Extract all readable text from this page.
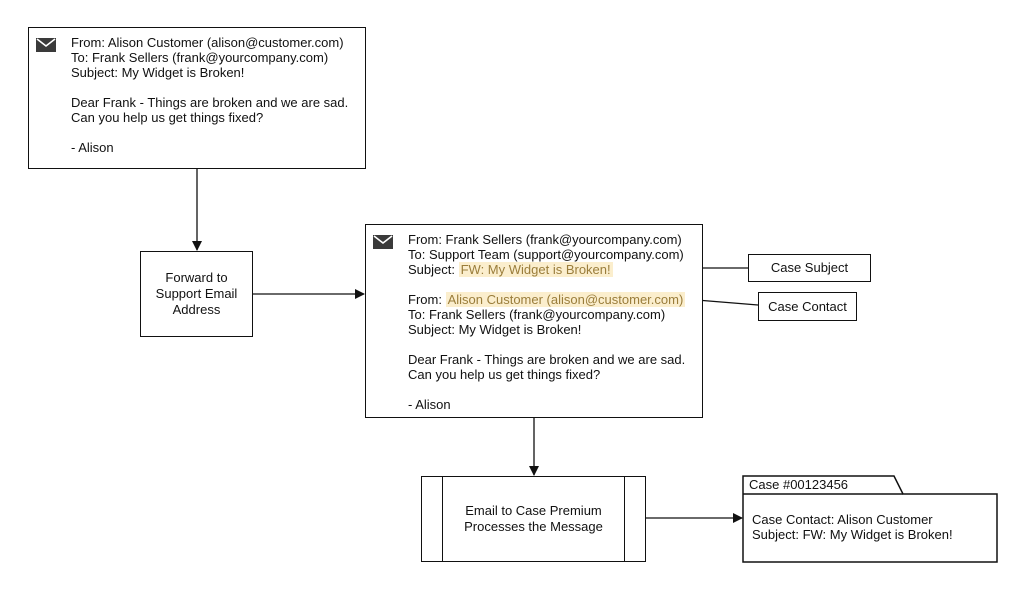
From: Alison Customer (alison@customer.com)
To: Frank Sellers (frank@yourcompany.com)
Subject: My Widget is Broken!
Dear Frank - Things are broken and we are sad.
Can you help us get things fixed?
- Alison
Forward to
Support Email
Address
From: Frank Sellers (frank@yourcompany.com)
To: Support Team (support@yourcompany.com)
Subject: FW: My Widget is Broken!
From: Alison Customer (alison@customer.com)
To: Frank Sellers (frank@yourcompany.com)
Subject: My Widget is Broken!
Dear Frank - Things are broken and we are sad.
Can you help us get things fixed?
- Alison
Case Subject
Case Contact
Email to Case Premium
Processes the Message
Case #00123456
Case Contact: Alison Customer
Subject: FW: My Widget is Broken!
